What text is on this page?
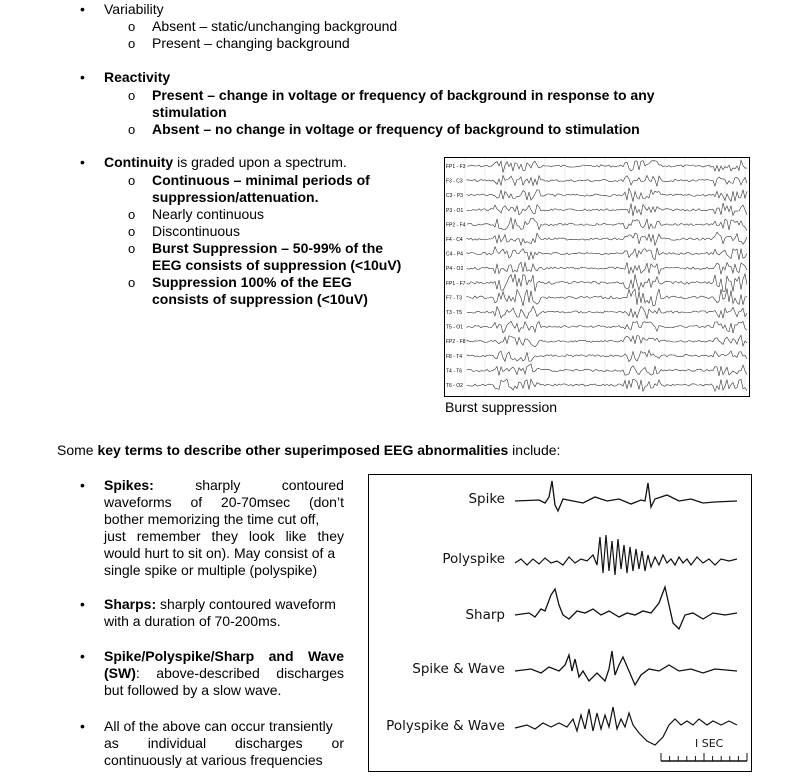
• Variability
o Absent – static/unchanging background
o Present – changing background
• Reactivity
o Present – change in voltage or frequency of background in response to any
stimulation
o Absent – no change in voltage or frequency of background to stimulation
• Continuity is graded upon a spectrum.
o Continuous – minimal periods of
suppression/attenuation.
o Nearly continuous
o Discontinuous
o Burst Suppression – 50-99% of the
EEG consists of suppression (<10uV)
o Suppression 100% of the EEG
consists of suppression (<10uV)
FP1 - F3
F3 - C3
C3 - P3
P3 - O1
FP2 - F4
F4 - C4
C4 - P4
P4 - O2
FP1 - F7
F7 - T3
T3 - T5
T5 - O1
FP2 - F8
F8 - T4
T4 - T6
T6 - O2
Burst suppression
Some key terms to describe other superimposed EEG abnormalities include:
• Spikes:	sharply	contoured
waveforms of 20-70msec (don’t
bother memorizing the time cut off,
just remember they look like they
would hurt to sit on). May consist of a
single spike or multiple (polyspike)
• Sharps: sharply contoured waveform
with a duration of 70-200ms.
• Spike/Polyspike/Sharp and Wave
(SW): above-described discharges
but followed by a slow wave.
• All of the above can occur transiently
as individual discharges or
continuously at various frequencies
Spike
Polyspike
Sharp
Spike & Wave
Polyspike & Wave
I SEC
